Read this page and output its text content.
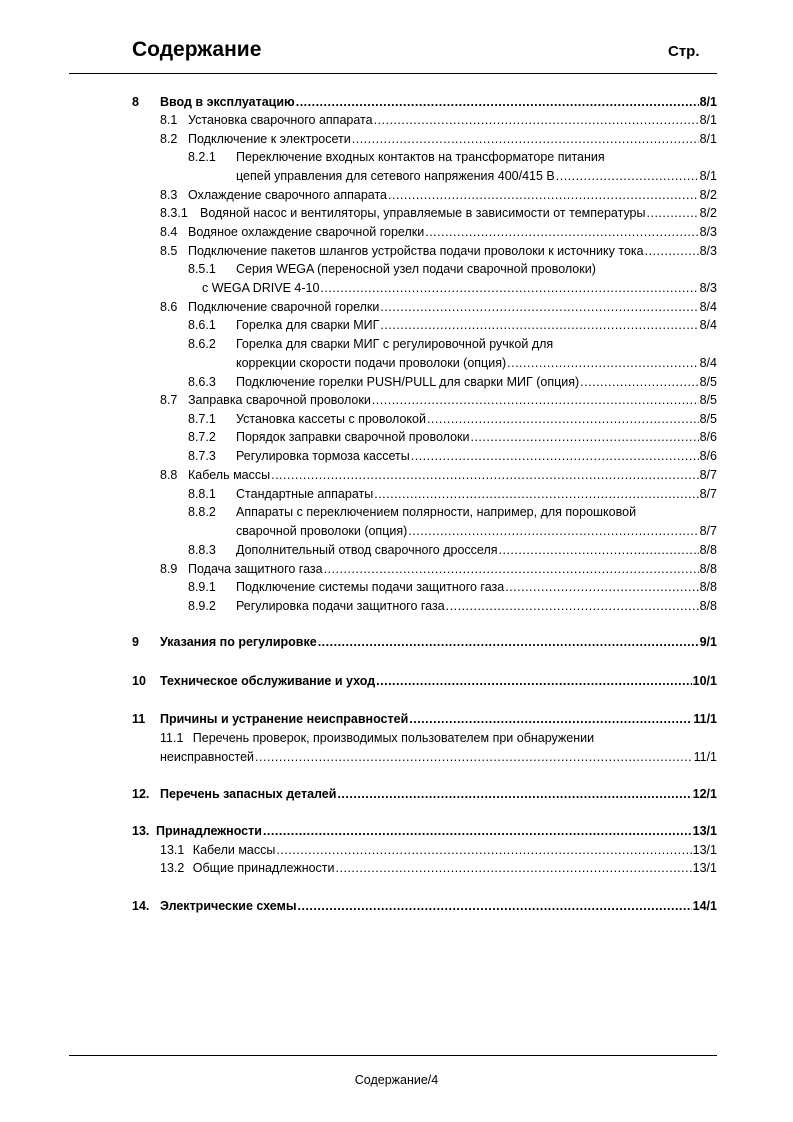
Содержание	Стр.
8 Ввод в эксплуатацию .....	8/1
8.1 Установка сварочного аппарата .....	8/1
8.2 Подключение к электросети .....	8/1
8.2.1 Переключение входных контактов на трансформаторе питания
цепей управления для сетевого напряжения 400/415 В .....	8/1
8.3 Охлаждение сварочного аппарата .....	8/2
8.3.1 Водяной насос и вентиляторы, управляемые в зависимости от температуры .....	8/2
8.4 Водяное охлаждение сварочной горелки .....	8/3
8.5 Подключение пакетов шлангов устройства подачи проволоки к источнику тока .....	8/3
8.5.1 Серия WEGA (переносной узел подачи сварочной проволоки)
с WEGA DRIVE 4-10 .....	8/3
8.6 Подключение сварочной горелки .....	8/4
8.6.1 Горелка для сварки МИГ .....	8/4
8.6.2 Горелка для сварки МИГ с регулировочной ручкой для
коррекции скорости подачи проволоки (опция) .....	8/4
8.6.3 Подключение горелки PUSH/PULL для сварки МИГ (опция) .....	8/5
8.7 Заправка сварочной проволоки .....	8/5
8.7.1 Установка кассеты с проволокой .....	8/5
8.7.2 Порядок заправки сварочной проволоки .....	8/6
8.7.3 Регулировка тормоза кассеты .....	8/6
8.8 Кабель массы .....	8/7
8.8.1 Стандартные аппараты .....	8/7
8.8.2 Аппараты с переключением полярности, например, для порошковой
сварочной проволоки (опция) .....	8/7
8.8.3 Дополнительный отвод сварочного дросселя .....	8/8
8.9 Подача защитного газа .....	8/8
8.9.1 Подключение системы подачи защитного газа .....	8/8
8.9.2 Регулировка подачи защитного газа .....	8/8
9 Указания по регулировке .....	9/1
10 Техническое обслуживание и уход .....	10/1
11 Причины и устранение неисправностей .....	11/1
11.1 Перечень проверок, производимых пользователем при обнаружении
неисправностей .....	11/1
12. Перечень запасных деталей .....	12/1
13. Принадлежности .....	13/1
13.1 Кабели массы .....	13/1
13.2 Общие принадлежности .....	13/1
14. Электрические схемы .....	14/1
Содержание/4
